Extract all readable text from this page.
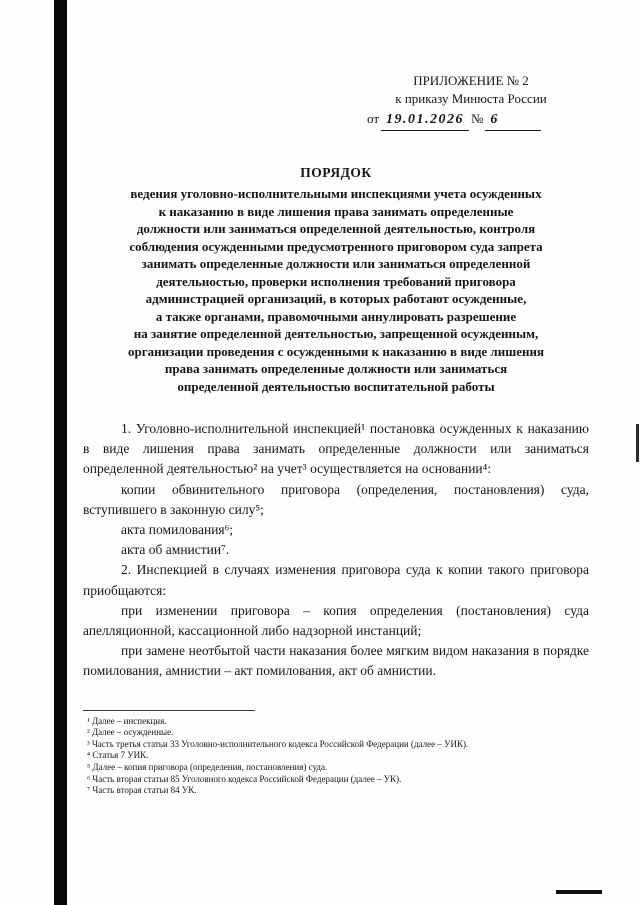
ПРИЛОЖЕНИЕ № 2
к приказу Минюста России
от 19.01.2026 № 6
ПОРЯДОК
ведения уголовно-исполнительными инспекциями учета осужденных
к наказанию в виде лишения права занимать определенные
должности или заниматься определенной деятельностью, контроля
соблюдения осужденными предусмотренного приговором суда запрета
занимать определенные должности или заниматься определенной
деятельностью, проверки исполнения требований приговора
администрацией организаций, в которых работают осужденные,
а также органами, правомочными аннулировать разрешение
на занятие определенной деятельностью, запрещенной осужденным,
организации проведения с осужденными к наказанию в виде лишения
права занимать определенные должности или заниматься
определенной деятельностью воспитательной работы

1. Уголовно-исполнительной инспекцией¹ постановка осужденных к наказанию в виде лишения права занимать определенные должности или заниматься определенной деятельностью² на учет³ осуществляется на основании⁴:

копии обвинительного приговора (определения, постановления) суда, вступившего в законную силу⁵;

акта помилования⁶;

акта об амнистии⁷.

2. Инспекцией в случаях изменения приговора суда к копии такого приговора приобщаются:

при изменении приговора – копия определения (постановления) суда апелляционной, кассационной либо надзорной инстанций;

при замене неотбытой части наказания более мягким видом наказания в порядке помилования, амнистии – акт помилования, акт об амнистии.

¹ Далее – инспекция.
² Далее – осужденные.
³ Часть третья статьи 33 Уголовно-исполнительного кодекса Российской Федерации (далее – УИК).
⁴ Статья 7 УИК.
⁵ Далее – копия приговора (определения, постановления) суда.
⁶ Часть вторая статьи 85 Уголовного кодекса Российской Федерации (далее – УК).
⁷ Часть вторая статьи 84 УК.
